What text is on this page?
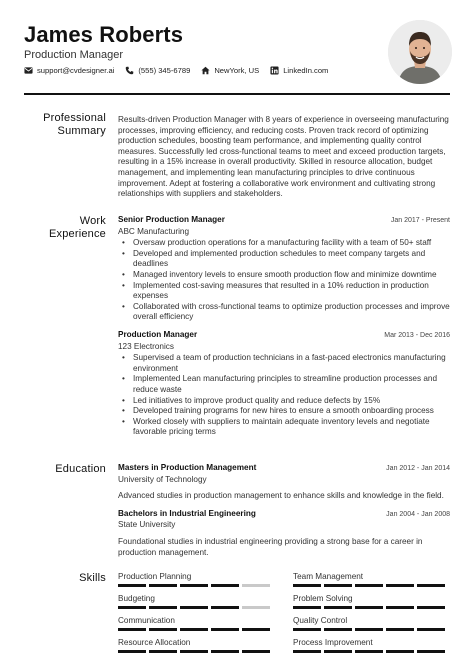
James Roberts
Production Manager
support@cvdesigner.ai	(555) 345-6789	NewYork, US	LinkedIn.com
Professional
Summary
Results-driven Production Manager with 8 years of experience in overseeing manufacturing processes, improving efficiency, and reducing costs. Proven track record of optimizing production schedules, boosting team performance, and implementing quality control measures. Successfully led cross-functional teams to meet and exceed production targets, resulting in a 15% increase in overall productivity. Skilled in resource allocation, budget management, and implementing lean manufacturing principles to drive continuous improvement. Adept at fostering a collaborative work environment and cultivating strong relationships with suppliers and stakeholders.
Work
Experience
Senior Production Manager	Jan 2017 - Present
ABC Manufacturing
• Oversaw production operations for a manufacturing facility with a team of 50+ staff
• Developed and implemented production schedules to meet company targets and deadlines
• Managed inventory levels to ensure smooth production flow and minimize downtime
• Implemented cost-saving measures that resulted in a 10% reduction in production expenses
• Collaborated with cross-functional teams to optimize production processes and improve overall efficiency
Production Manager	Mar 2013 - Dec 2016
123 Electronics
• Supervised a team of production technicians in a fast-paced electronics manufacturing environment
• Implemented Lean manufacturing principles to streamline production processes and reduce waste
• Led initiatives to improve product quality and reduce defects by 15%
• Developed training programs for new hires to ensure a smooth onboarding process
• Worked closely with suppliers to maintain adequate inventory levels and negotiate favorable pricing terms
Education Masters in Production Management	Jan 2012 - Jan 2014
University of Technology
Advanced studies in production management to enhance skills and knowledge in the field.
Bachelors in Industrial Engineering	Jan 2004 - Jan 2008
State University
Foundational studies in industrial engineering providing a strong base for a career in production management.
Skills Production Planning	Team Management
Budgeting	Problem Solving
Communication	Quality Control
Resource Allocation	Process Improvement
